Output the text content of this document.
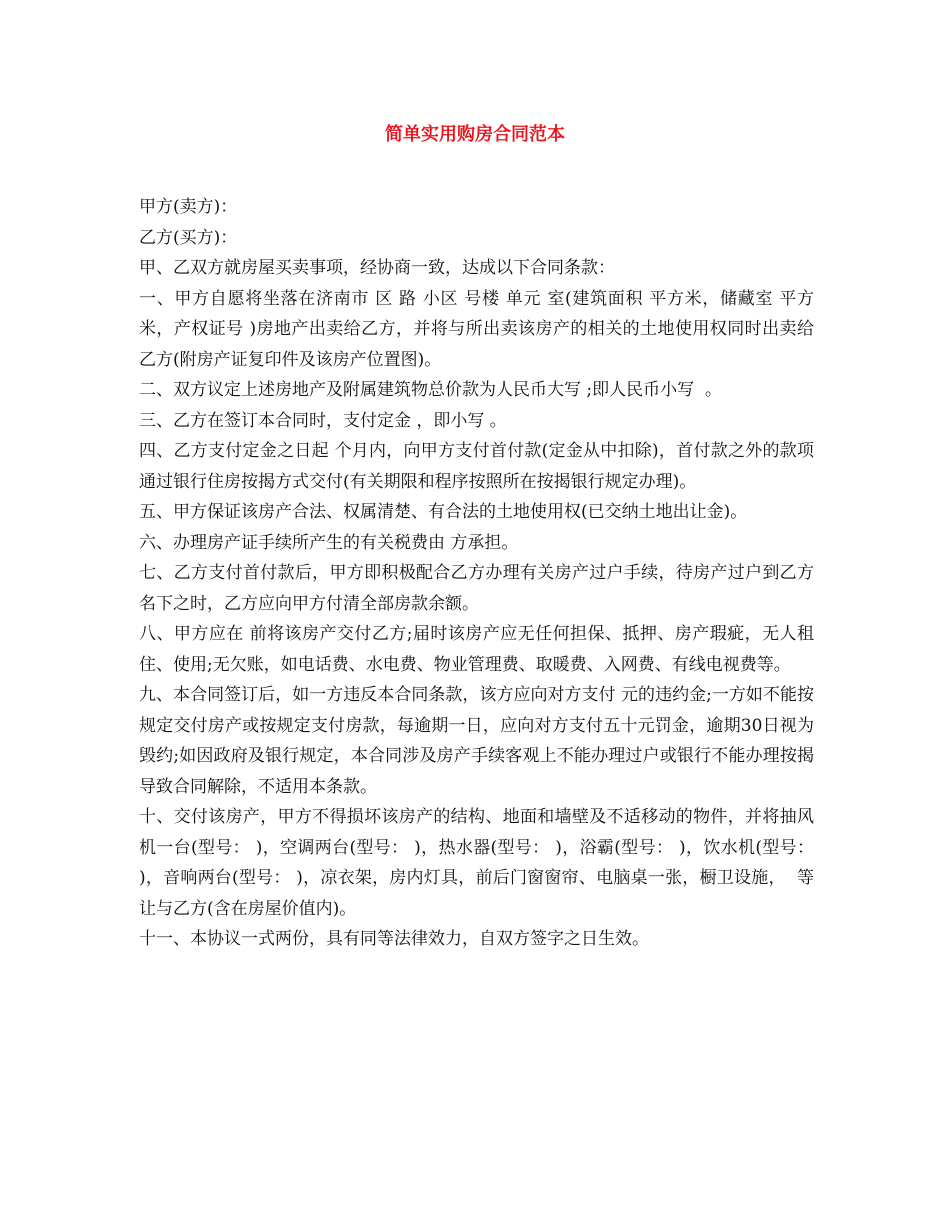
简单实用购房合同范本

甲方(卖方)：

乙方(买方)：

甲、乙双方就房屋买卖事项，经协商一致，达成以下合同条款：

一、甲方自愿将坐落在济南市 区 路 小区 号楼 单元 室(建筑面积 平方米，储藏室 平方米，产权证号 )房地产出卖给乙方，并将与所出卖该房产的相关的土地使用权同时出卖给乙方(附房产证复印件及该房产位置图)。

二、双方议定上述房地产及附属建筑物总价款为人民币大写 ;即人民币小写  。

三、乙方在签订本合同时，支付定金 ，即小写 。

四、乙方支付定金之日起 个月内，向甲方支付首付款(定金从中扣除)，首付款之外的款项通过银行住房按揭方式交付(有关期限和程序按照所在按揭银行规定办理)。

五、甲方保证该房产合法、权属清楚、有合法的土地使用权(已交纳土地出让金)。

六、办理房产证手续所产生的有关税费由 方承担。

七、乙方支付首付款后，甲方即积极配合乙方办理有关房产过户手续，待房产过户到乙方名下之时，乙方应向甲方付清全部房款余额。

八、甲方应在 前将该房产交付乙方;届时该房产应无任何担保、抵押、房产瑕疵，无人租住、使用;无欠账，如电话费、水电费、物业管理费、取暖费、入网费、有线电视费等。

九、本合同签订后，如一方违反本合同条款，该方应向对方支付 元的违约金;一方如不能按规定交付房产或按规定支付房款，每逾期一日，应向对方支付五十元罚金，逾期30日视为毁约;如因政府及银行规定，本合同涉及房产手续客观上不能办理过户或银行不能办理按揭导致合同解除，不适用本条款。

十、交付该房产，甲方不得损坏该房产的结构、地面和墙壁及不适移动的物件，并将抽风机一台(型号： )，空调两台(型号： )，热水器(型号： )，浴霸(型号： )，饮水机(型号： )，音响两台(型号： )，凉衣架，房内灯具，前后门窗窗帘、电脑桌一张，橱卫设施，  等让与乙方(含在房屋价值内)。

十一、本协议一式两份，具有同等法律效力，自双方签字之日生效。
